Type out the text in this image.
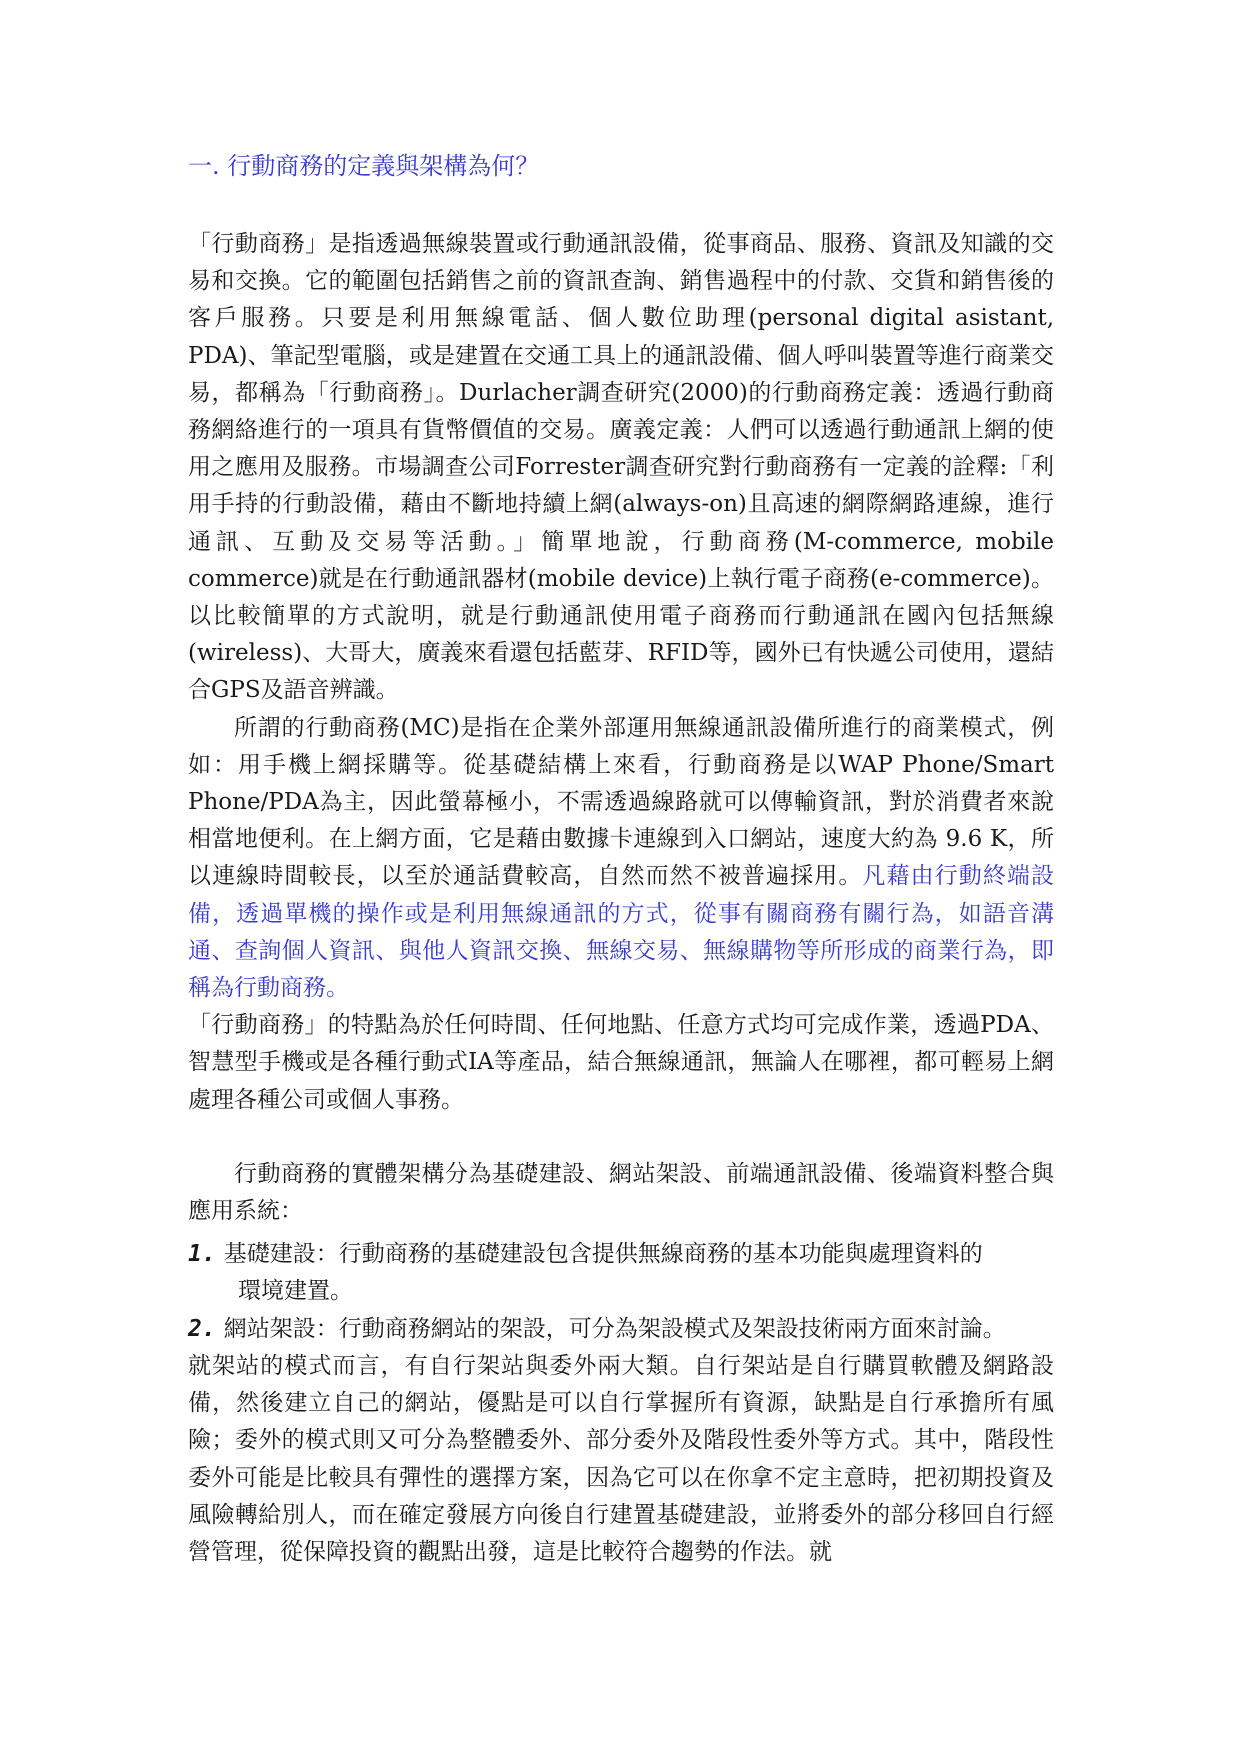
一. 行動商務的定義與架構為何？

「行動商務」是指透過無線裝置或行動通訊設備，從事商品、服務、資訊及知識的交易和交換。它的範圍包括銷售之前的資訊查詢、銷售過程中的付款、交貨和銷售後的客戶服務。只要是利用無線電話、個人數位助理(personal digital asistant, PDA)、筆記型電腦，或是建置在交通工具上的通訊設備、個人呼叫裝置等進行商業交易，都稱為「行動商務」。Durlacher調查研究(2000)的行動商務定義：透過行動商務網絡進行的一項具有貨幣價值的交易。廣義定義：人們可以透過行動通訊上網的使用之應用及服務。市場調查公司Forrester調查研究對行動商務有一定義的詮釋:「利用手持的行動設備，藉由不斷地持續上網(always-on)且高速的網際網路連線，進行通訊、互動及交易等活動。」簡單地說，行動商務(M-commerce, mobile commerce)就是在行動通訊器材(mobile device)上執行電子商務(e-commerce)。以比較簡單的方式說明，就是行動通訊使用電子商務而行動通訊在國內包括無線(wireless)、大哥大，廣義來看還包括藍芽、RFID等，國外已有快遞公司使用，還結合GPS及語音辨識。

所謂的行動商務(MC)是指在企業外部運用無線通訊設備所進行的商業模式，例如：用手機上網採購等。從基礎結構上來看，行動商務是以WAP Phone/Smart Phone/PDA為主，因此螢幕極小，不需透過線路就可以傳輸資訊，對於消費者來說相當地便利。在上網方面，它是藉由數據卡連線到入口網站，速度大約為 9.6 K，所以連線時間較長，以至於通話費較高，自然而然不被普遍採用。凡藉由行動終端設備，透過單機的操作或是利用無線通訊的方式，從事有關商務有關行為，如語音溝通、查詢個人資訊、與他人資訊交換、無線交易、無線購物等所形成的商業行為，即稱為行動商務。

「行動商務」的特點為於任何時間、任何地點、任意方式均可完成作業，透過PDA、智慧型手機或是各種行動式IA等產品，結合無線通訊，無論人在哪裡，都可輕易上網處理各種公司或個人事務。

行動商務的實體架構分為基礎建設、網站架設、前端通訊設備、後端資料整合與應用系統：

1. 基礎建設：行動商務的基礎建設包含提供無線商務的基本功能與處理資料的

環境建置。

2. 網站架設：行動商務網站的架設，可分為架設模式及架設技術兩方面來討論。

就架站的模式而言，有自行架站與委外兩大類。自行架站是自行購買軟體及網路設備，然後建立自己的網站，優點是可以自行掌握所有資源，缺點是自行承擔所有風險；委外的模式則又可分為整體委外、部分委外及階段性委外等方式。其中，階段性委外可能是比較具有彈性的選擇方案，因為它可以在你拿不定主意時，把初期投資及風險轉給別人，而在確定發展方向後自行建置基礎建設，並將委外的部分移回自行經營管理，從保障投資的觀點出發，這是比較符合趨勢的作法。就
